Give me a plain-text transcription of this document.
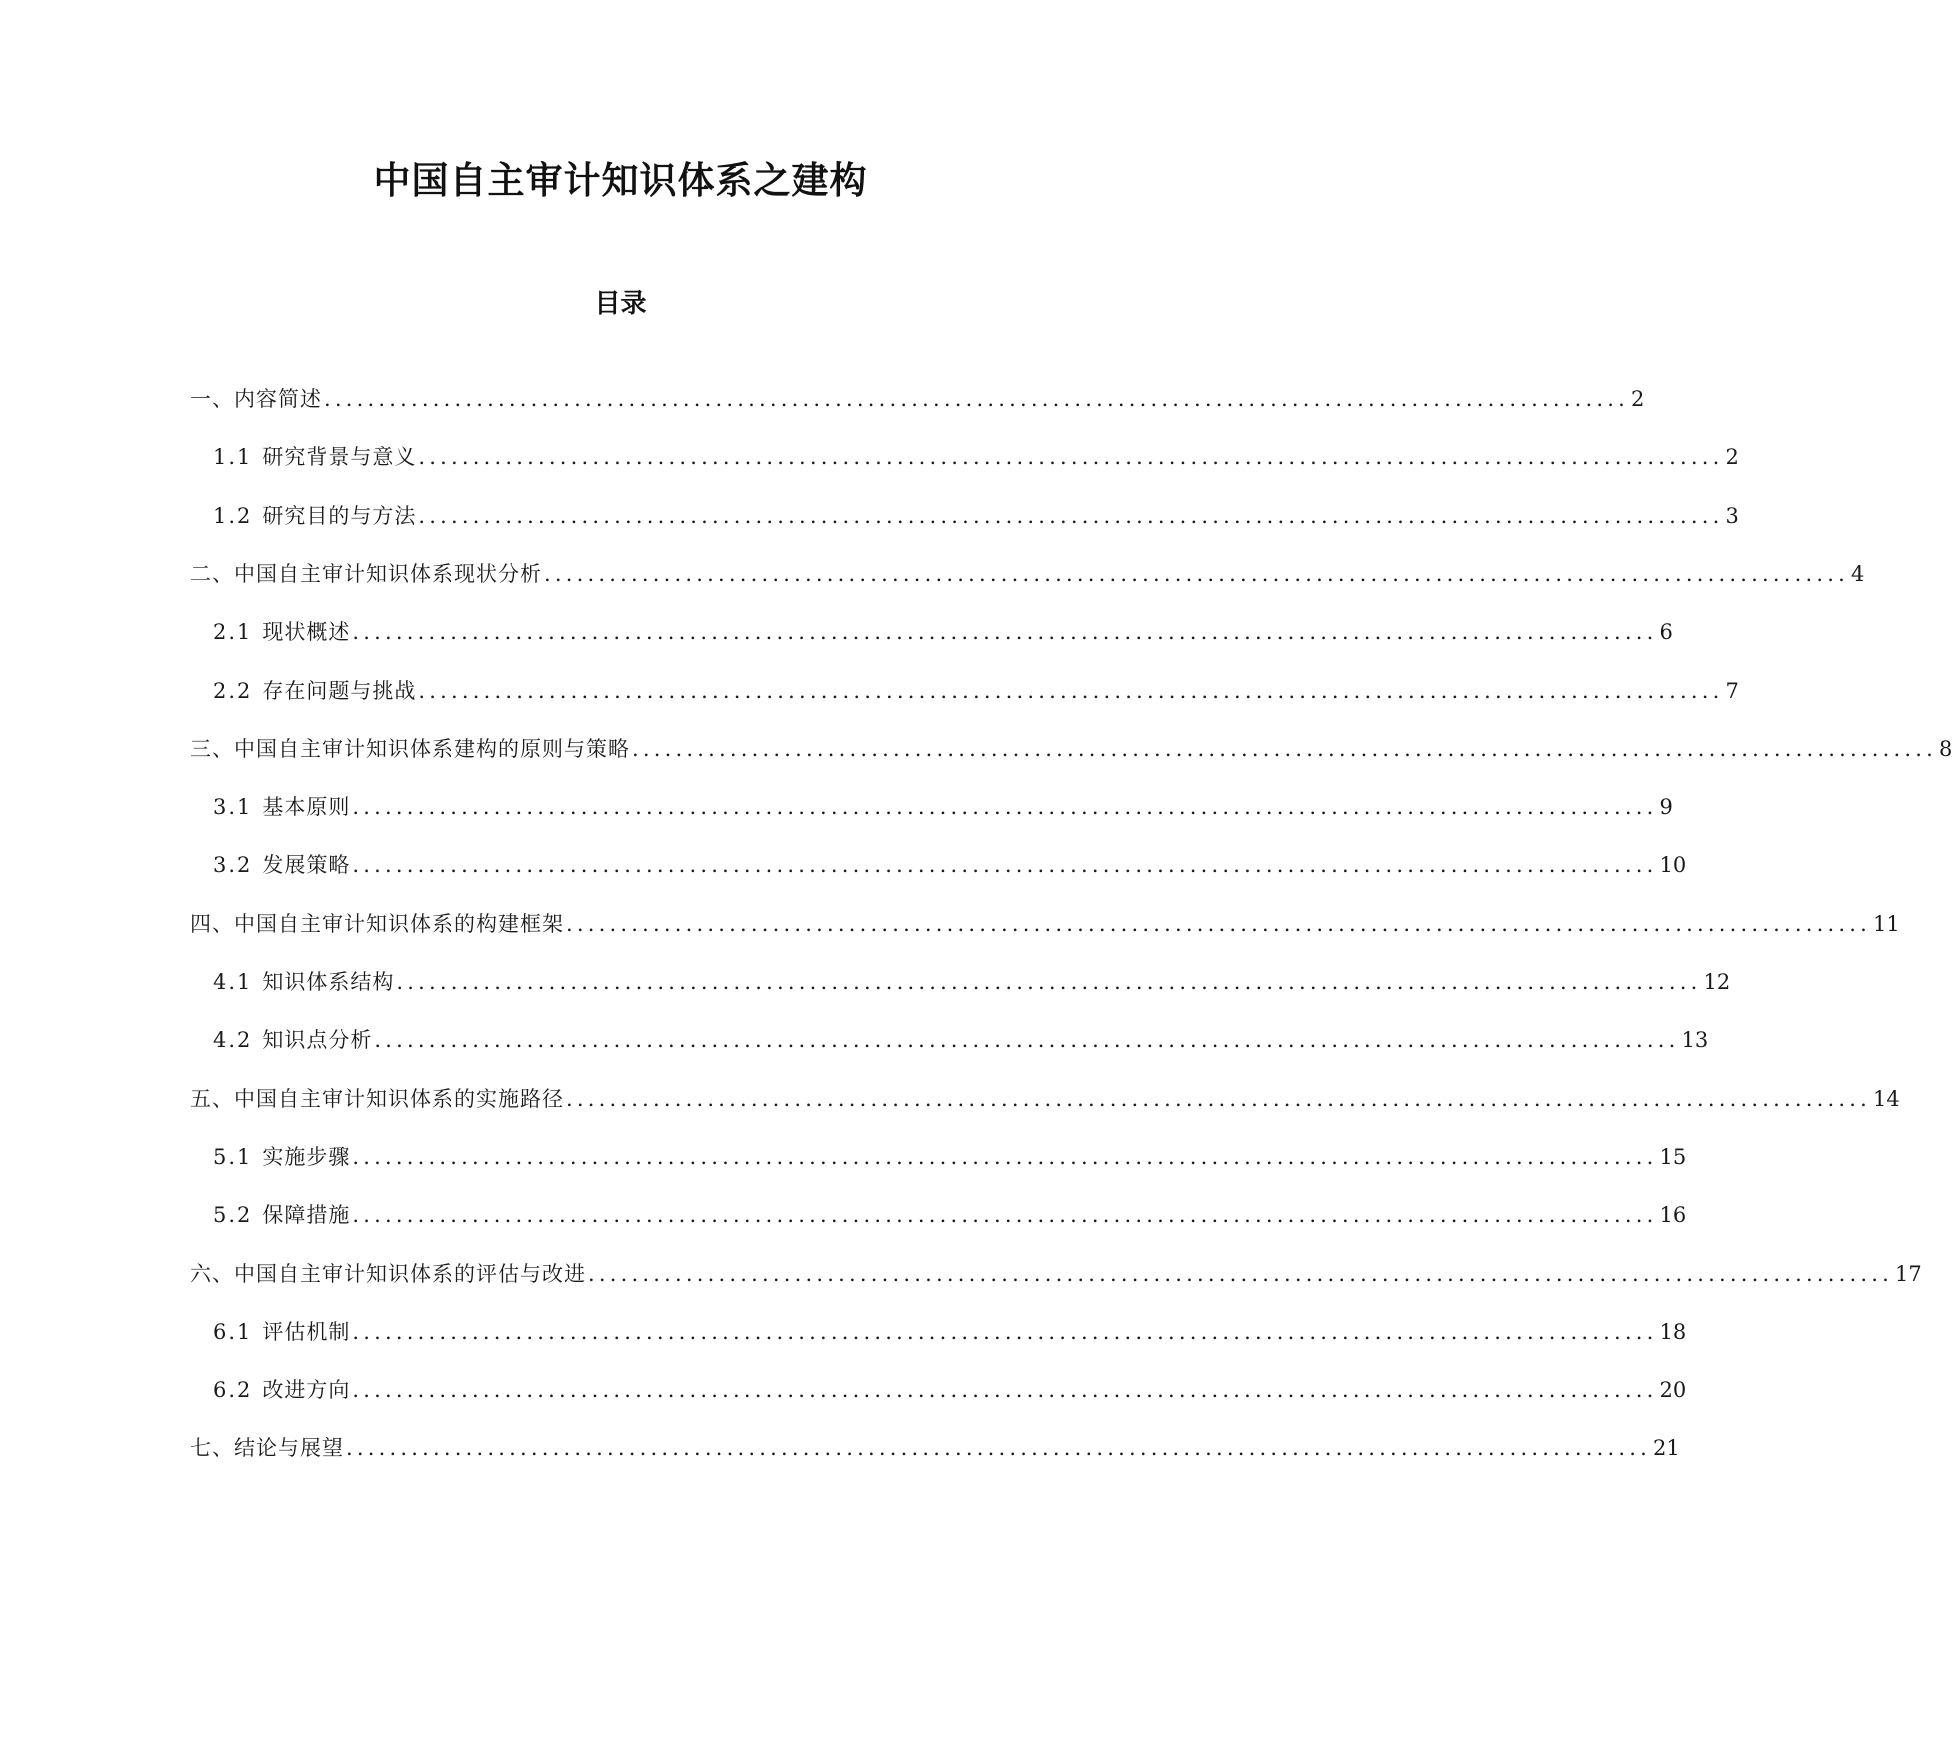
中国自主审计知识体系之建构
目录
一、内容简述 ........................................................................................................................ 2
1.1 研究背景与意义 ........................................................................................................................ 2
1.2 研究目的与方法 ........................................................................................................................ 3
二、中国自主审计知识体系现状分析 ........................................................................................................................ 4
2.1 现状概述 ........................................................................................................................ 6
2.2 存在问题与挑战 ........................................................................................................................ 7
三、中国自主审计知识体系建构的原则与策略 ........................................................................................................................ 8
3.1 基本原则 ........................................................................................................................ 9
3.2 发展策略 ........................................................................................................................ 10
四、中国自主审计知识体系的构建框架 ........................................................................................................................ 11
4.1 知识体系结构 ........................................................................................................................ 12
4.2 知识点分析 ........................................................................................................................ 13
五、中国自主审计知识体系的实施路径 ........................................................................................................................ 14
5.1 实施步骤 ........................................................................................................................ 15
5.2 保障措施 ........................................................................................................................ 16
六、中国自主审计知识体系的评估与改进 ........................................................................................................................ 17
6.1 评估机制 ........................................................................................................................ 18
6.2 改进方向 ........................................................................................................................ 20
七、结论与展望 ........................................................................................................................ 21
